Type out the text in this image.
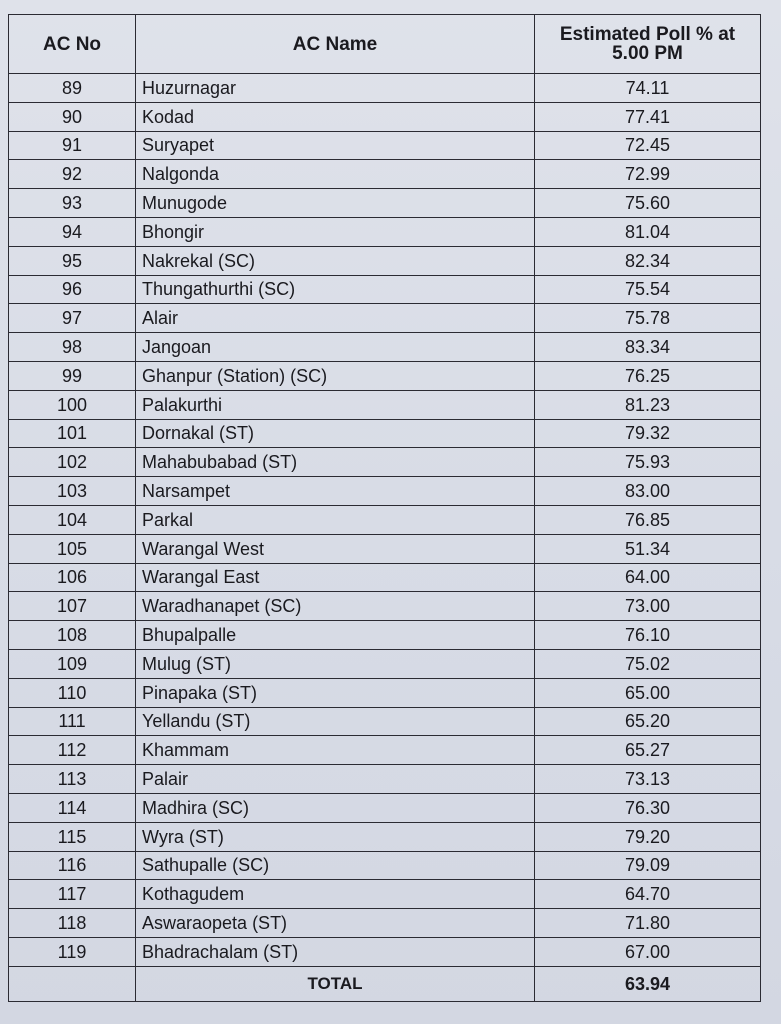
AC No	AC Name	Estimated Poll % at
5.00 PM
89	Huzurnagar	74.11
90	Kodad	77.41
91	Suryapet	72.45
92	Nalgonda	72.99
93	Munugode	75.60
94	Bhongir	81.04
95	Nakrekal (SC)	82.34
96	Thungathurthi (SC)	75.54
97	Alair	75.78
98	Jangoan	83.34
99	Ghanpur (Station) (SC)	76.25
100	Palakurthi	81.23
101	Dornakal (ST)	79.32
102	Mahabubabad (ST)	75.93
103	Narsampet	83.00
104	Parkal	76.85
105	Warangal West	51.34
106	Warangal East	64.00
107	Waradhanapet (SC)	73.00
108	Bhupalpalle	76.10
109	Mulug (ST)	75.02
110	Pinapaka (ST)	65.00
111	Yellandu (ST)	65.20
112	Khammam	65.27
113	Palair	73.13
114	Madhira (SC)	76.30
115	Wyra (ST)	79.20
116	Sathupalle (SC)	79.09
117	Kothagudem	64.70
118	Aswaraopeta (ST)	71.80
119	Bhadrachalam (ST)	67.00
	TOTAL	63.94
